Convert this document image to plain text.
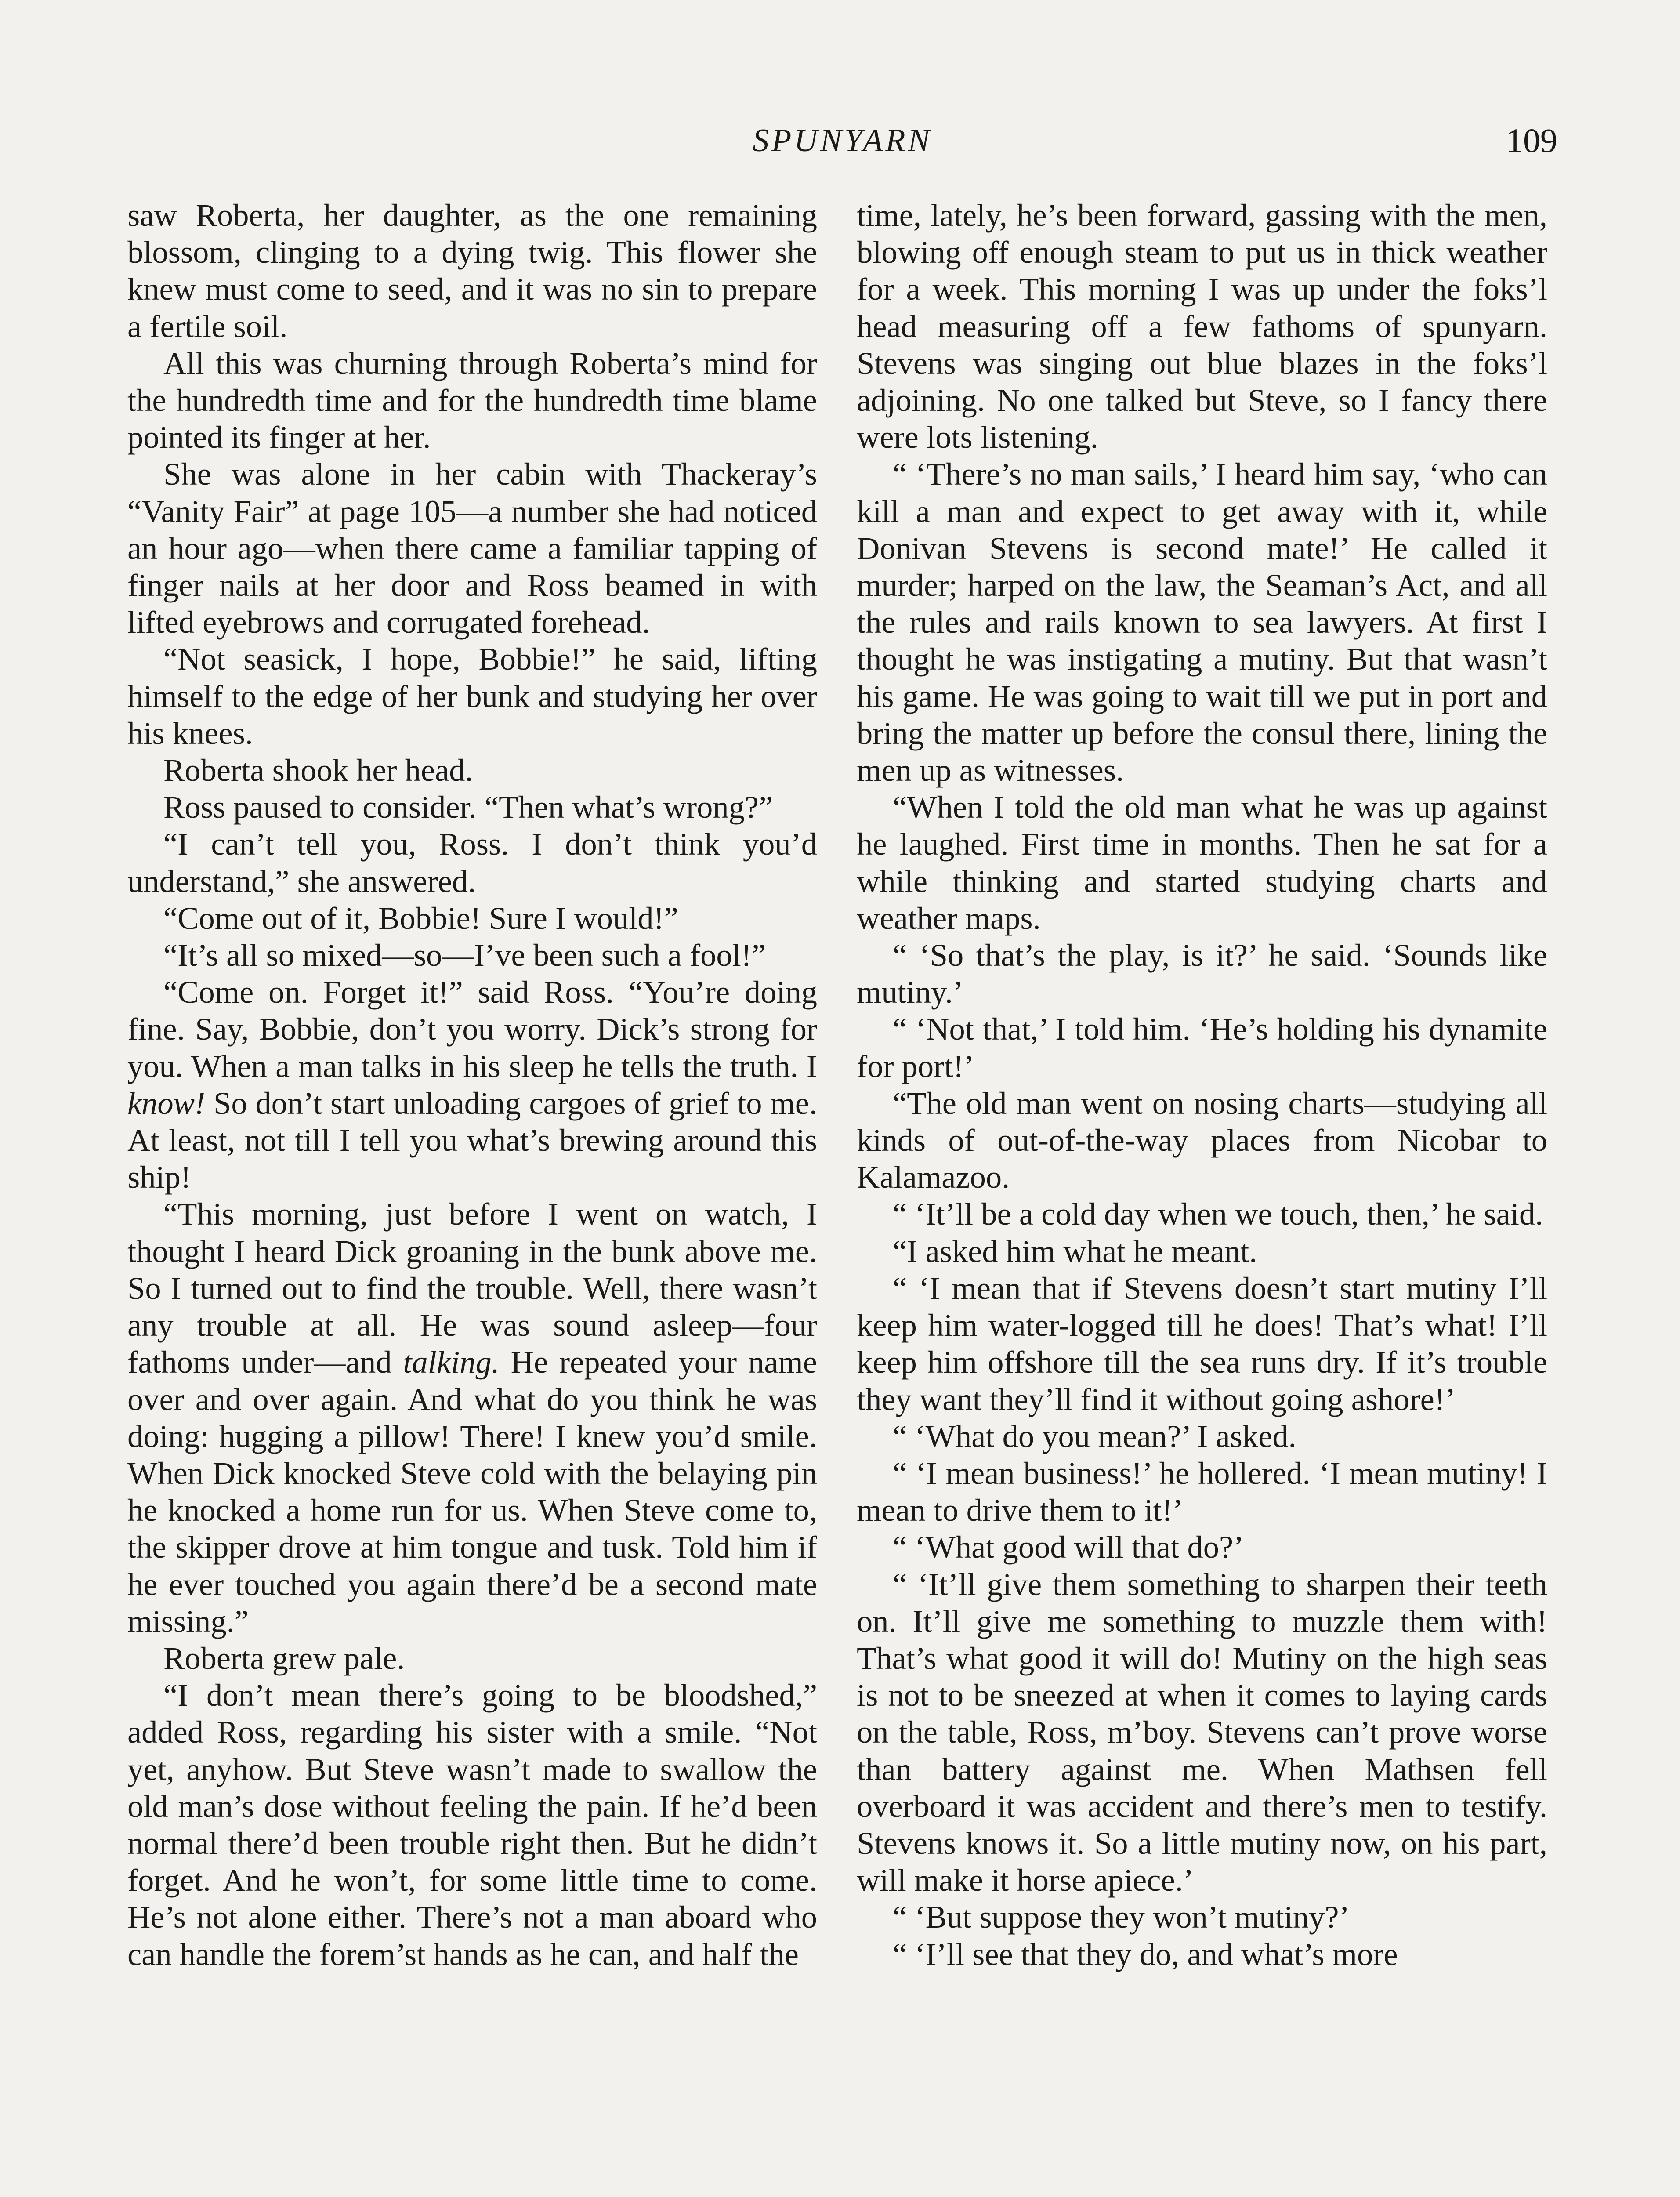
SPUNYARN	109

saw Roberta, her daughter, as the one remaining blossom, clinging to a dying twig. This flower she knew must come to seed, and it was no sin to prepare a fertile soil.

All this was churning through Roberta’s mind for the hundredth time and for the hundredth time blame pointed its finger at her.

She was alone in her cabin with Thackeray’s “Vanity Fair” at page 105—a number she had noticed an hour ago—when there came a familiar tapping of finger nails at her door and Ross beamed in with lifted eyebrows and corrugated forehead.

“Not seasick, I hope, Bobbie!” he said, lifting himself to the edge of her bunk and studying her over his knees.

Roberta shook her head.

Ross paused to consider. “Then what’s wrong?”

“I can’t tell you, Ross. I don’t think you’d understand,” she answered.

“Come out of it, Bobbie! Sure I would!”

“It’s all so mixed—so—I’ve been such a fool!”

“Come on. Forget it!” said Ross. “You’re doing fine. Say, Bobbie, don’t you worry. Dick’s strong for you. When a man talks in his sleep he tells the truth. I know! So don’t start unloading cargoes of grief to me. At least, not till I tell you what’s brewing around this ship!

“This morning, just before I went on watch, I thought I heard Dick groaning in the bunk above me. So I turned out to find the trouble. Well, there wasn’t any trouble at all. He was sound asleep—four fathoms under—and talking. He repeated your name over and over again. And what do you think he was doing: hugging a pillow! There! I knew you’d smile. When Dick knocked Steve cold with the belaying pin he knocked a home run for us. When Steve come to, the skipper drove at him tongue and tusk. Told him if he ever touched you again there’d be a second mate missing.”

Roberta grew pale.

“I don’t mean there’s going to be bloodshed,” added Ross, regarding his sister with a smile. “Not yet, anyhow. But Steve wasn’t made to swallow the old man’s dose without feeling the pain. If he’d been normal there’d been trouble right then. But he didn’t forget. And he won’t, for some little time to come. He’s not alone either. There’s not a man aboard who can handle the forem’st hands as he can, and half the

time, lately, he’s been forward, gassing with the men, blowing off enough steam to put us in thick weather for a week. This morning I was up under the foks’l head measuring off a few fathoms of spunyarn. Stevens was singing out blue blazes in the foks’l adjoining. No one talked but Steve, so I fancy there were lots listening.

“ ‘There’s no man sails,’ I heard him say, ‘who can kill a man and expect to get away with it, while Donivan Stevens is second mate!’ He called it murder; harped on the law, the Seaman’s Act, and all the rules and rails known to sea lawyers. At first I thought he was instigating a mutiny. But that wasn’t his game. He was going to wait till we put in port and bring the matter up before the consul there, lining the men up as witnesses.

“When I told the old man what he was up against he laughed. First time in months. Then he sat for a while thinking and started studying charts and weather maps.

“ ‘So that’s the play, is it?’ he said. ‘Sounds like mutiny.’

“ ‘Not that,’ I told him. ‘He’s holding his dynamite for port!’

“The old man went on nosing charts—studying all kinds of out-of-the-way places from Nicobar to Kalamazoo.

“ ‘It’ll be a cold day when we touch, then,’ he said.

“I asked him what he meant.

“ ‘I mean that if Stevens doesn’t start mutiny I’ll keep him water-logged till he does! That’s what! I’ll keep him offshore till the sea runs dry. If it’s trouble they want they’ll find it without going ashore!’

“ ‘What do you mean?’ I asked.

“ ‘I mean business!’ he hollered. ‘I mean mutiny! I mean to drive them to it!’

“ ‘What good will that do?’

“ ‘It’ll give them something to sharpen their teeth on. It’ll give me something to muzzle them with! That’s what good it will do! Mutiny on the high seas is not to be sneezed at when it comes to laying cards on the table, Ross, m’boy. Stevens can’t prove worse than battery against me. When Mathsen fell overboard it was accident and there’s men to testify. Stevens knows it. So a little mutiny now, on his part, will make it horse apiece.’

“ ‘But suppose they won’t mutiny?’

“ ‘I’ll see that they do, and what’s more
